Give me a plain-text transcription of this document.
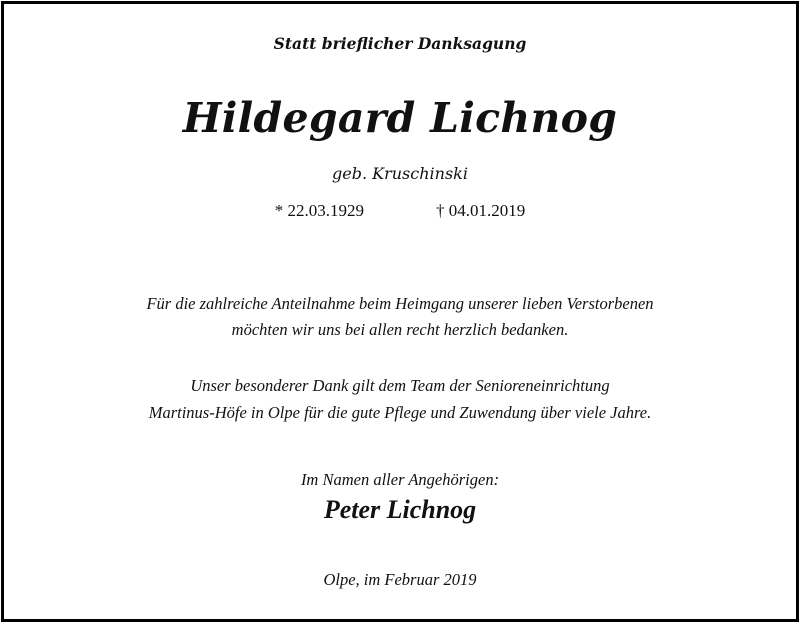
Statt brieflicher Danksagung
Hildegard Lichnog
geb. Kruschinski
* 22.03.1929	† 04.01.2019
Für die zahlreiche Anteilnahme beim Heimgang unserer lieben Verstorbenen
möchten wir uns bei allen recht herzlich bedanken.
Unser besonderer Dank gilt dem Team der Senioreneinrichtung
Martinus-Höfe in Olpe für die gute Pflege und Zuwendung über viele Jahre.
Im Namen aller Angehörigen:
Peter Lichnog
Olpe, im Februar 2019
